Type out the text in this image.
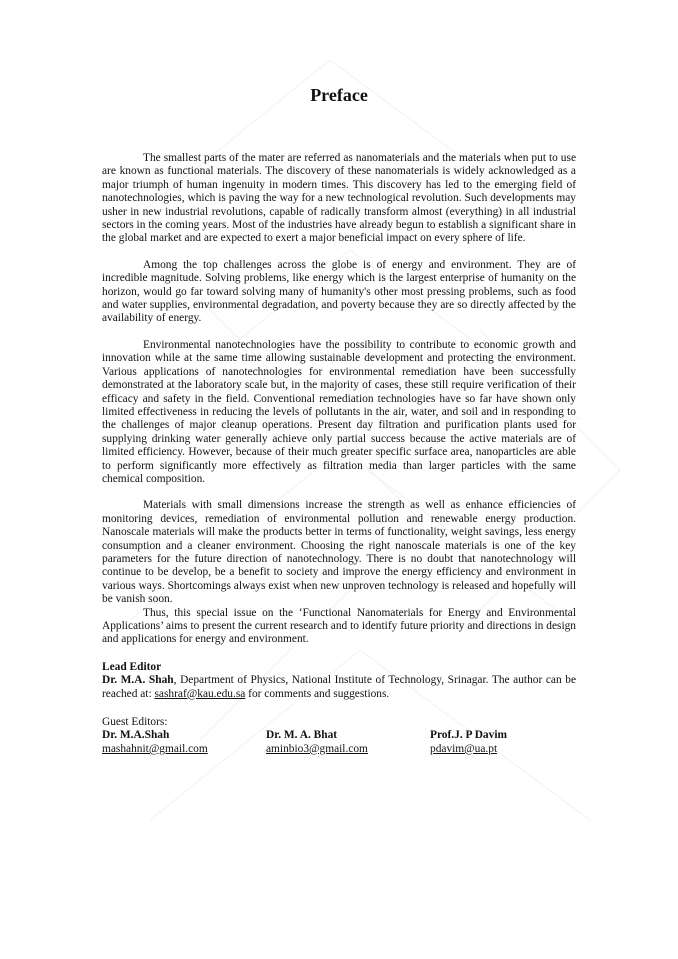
Preface

The smallest parts of the mater are referred as nanomaterials and the materials when put to use are known as functional materials. The discovery of these nanomaterials is widely acknowledged as a major triumph of human ingenuity in modern times. This discovery has led to the emerging field of nanotechnologies, which is paving the way for a new technological revolution. Such developments may usher in new industrial revolutions, capable of radically transform almost (everything) in all industrial sectors in the coming years. Most of the industries have already begun to establish a significant share in the global market and are expected to exert a major beneficial impact on every sphere of life.

Among the top challenges across the globe is of energy and environment. They are of incredible magnitude. Solving problems, like energy which is the largest enterprise of humanity on the horizon, would go far toward solving many of humanity's other most pressing problems, such as food and water supplies, environmental degradation, and poverty because they are so directly affected by the availability of energy.

Environmental nanotechnologies have the possibility to contribute to economic growth and innovation while at the same time allowing sustainable development and protecting the environment. Various applications of nanotechnologies for environmental remediation have been successfully demonstrated at the laboratory scale but, in the majority of cases, these still require verification of their efficacy and safety in the field. Conventional remediation technologies have so far have shown only limited effectiveness in reducing the levels of pollutants in the air, water, and soil and in responding to the challenges of major cleanup operations. Present day filtration and purification plants used for supplying drinking water generally achieve only partial success because the active materials are of limited efficiency. However, because of their much greater specific surface area, nanoparticles are able to perform significantly more effectively as filtration media than larger particles with the same chemical composition.

Materials with small dimensions increase the strength as well as enhance efficiencies of monitoring devices, remediation of environmental pollution and renewable energy production. Nanoscale materials will make the products better in terms of functionality, weight savings, less energy consumption and a cleaner environment. Choosing the right nanoscale materials is one of the key parameters for the future direction of nanotechnology. There is no doubt that nanotechnology will continue to be develop, be a benefit to society and improve the energy efficiency and environment in various ways. Shortcomings always exist when new unproven technology is released and hopefully will be vanish soon.

Thus, this special issue on the ‘Functional Nanomaterials for Energy and Environmental Applications’ aims to present the current research and to identify future priority and directions in design and applications for energy and environment.

Lead Editor
Dr. M.A. Shah, Department of Physics, National Institute of Technology, Srinagar. The author can be reached at: sashraf@kau.edu.sa for comments and suggestions.
Guest Editors:
Dr. M.A.Shah	Dr. M. A. Bhat	Prof.J. P Davim
mashahnit@gmail.com	aminbio3@gmail.com	pdavim@ua.pt
